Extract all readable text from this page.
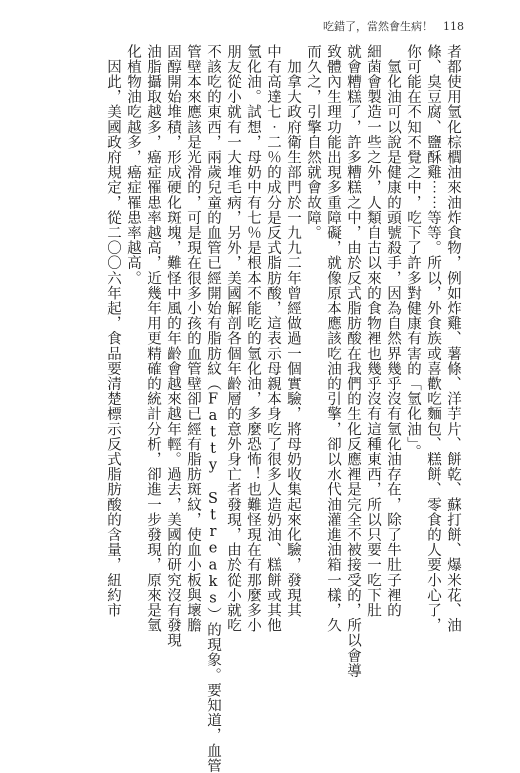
吃錯了，當然會生病！ 118
者都使用氫化棕櫚油來油炸食物，例如炸雞、薯條、洋芋片、餅乾、蘇打餅、爆米花、油
條、臭豆腐、鹽酥雞⋯⋯等等。所以，外食族或喜歡吃麵包、糕餅、零食的人要小心了，
你可能在不知不覺之中，吃下了許多對健康有害的「氫化油」。
　氫化油可以說是健康的頭號殺手，因為自然界幾乎沒有氫化油存在，除了牛肚子裡的
細菌會製造一些之外，人類自古以來的食物裡也幾乎沒有這種東西，所以只要一吃下肚
就會糟糕了，許多糟糕之中，由於反式脂肪酸在我們的生化反應裡是完全不被接受的，所以會導
致體內生理功能出現多重障礙，就像原本應該吃油的引擎，卻以水代油灌進油箱一樣，久
而久之，引擎自然就會故障。
　加拿大政府衛生部門於一九九二年曾經做過一個實驗，將母奶收集起來化驗，發現其
中有高達七‧二％的成分是反式脂肪酸，這表示母親本身吃了很多人造奶油、糕餅或其他
氫化油。試想，母奶中有七％是根本不能吃的氫化油，多麼恐怖！也難怪現在有那麼多小
朋友從小就有一大堆毛病，另外，美國解剖各個年齡層的意外身亡者發現，由於從小就吃
不該吃的東西，兩歲兒童的血管已經開始有脂肪紋（Fatty Streaks）的現象。要知道，血管
管壁本來應該是光滑的，可是現在很多小孩的血管壁卻已經有脂肪斑紋，使血小板與壞膽
固醇開始堆積，形成硬化斑塊，難怪中風的年齡會越來越年輕。過去，美國的研究沒有發現
油脂攝取越多，癌症罹患率越高，近幾年用更精確的統計分析，卻進一步發現，原來是氫
化植物油吃越多，癌症罹患率越高。
　因此，美國政府規定，從二〇〇六年起，食品要清楚標示反式脂肪酸的含量，紐約市
